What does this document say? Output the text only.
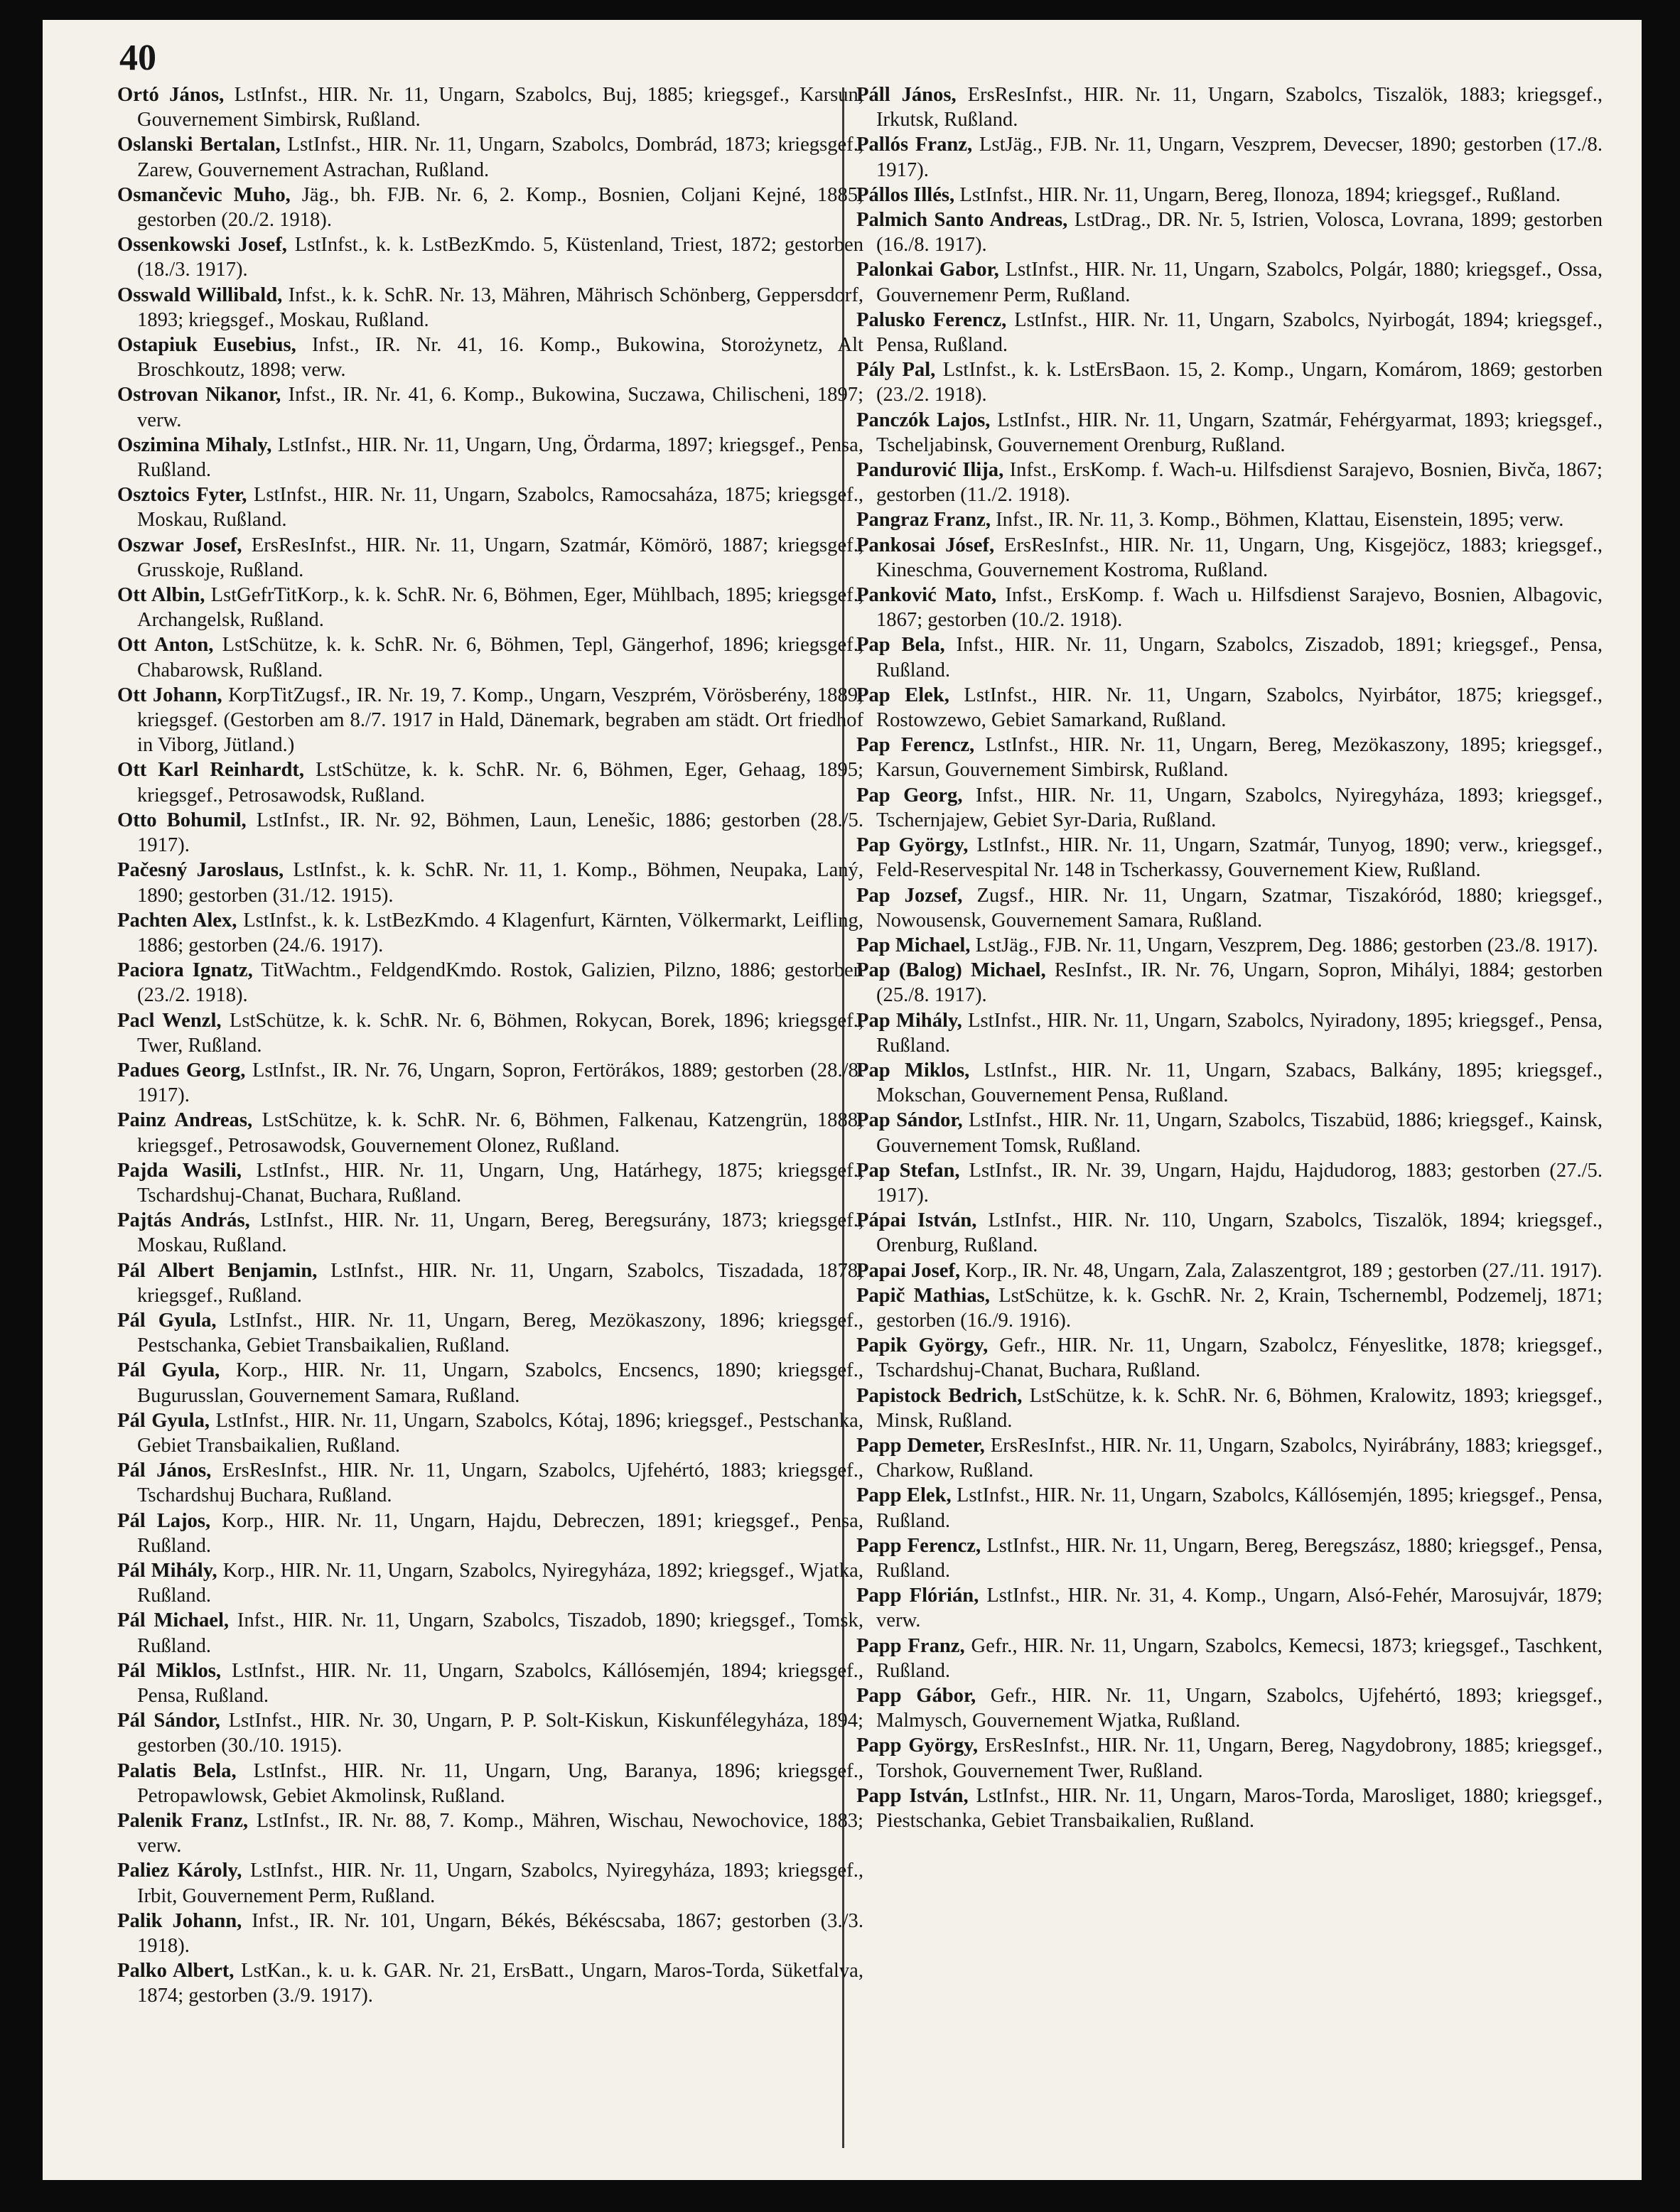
40

Ortó János, LstInfst., HIR. Nr. 11, Ungarn, Szabolcs, Buj, 1885; kriegsgef., Karsun, Gouvernement Simbirsk, Rußland.

Oslanski Bertalan, LstInfst., HIR. Nr. 11, Ungarn, Szabolcs, Dombrád, 1873; kriegsgef., Zarew, Gouvernement Astrachan, Rußland.

Osmančevic Muho, Jäg., bh. FJB. Nr. 6, 2. Komp., Bosnien, Coljani Kejné, 1885; gestorben (20./2. 1918).

Ossenkowski Josef, LstInfst., k. k. LstBezKmdo. 5, Küstenland, Triest, 1872; gestorben (18./3. 1917).

Osswald Willibald, Infst., k. k. SchR. Nr. 13, Mähren, Mährisch Schönberg, Geppersdorf, 1893; kriegsgef., Moskau, Rußland.

Ostapiuk Eusebius, Infst., IR. Nr. 41, 16. Komp., Bukowina, Storożynetz, Alt Broschkoutz, 1898; verw.

Ostrovan Nikanor, Infst., IR. Nr. 41, 6. Komp., Bukowina, Suczawa, Chilischeni, 1897; verw.

Oszimina Mihaly, LstInfst., HIR. Nr. 11, Ungarn, Ung, Ördarma, 1897; kriegsgef., Pensa, Rußland.

Osztoics Fyter, LstInfst., HIR. Nr. 11, Ungarn, Szabolcs, Ramocsaháza, 1875; kriegsgef., Moskau, Rußland.

Oszwar Josef, ErsResInfst., HIR. Nr. 11, Ungarn, Szatmár, Kömörö, 1887; kriegsgef., Grusskoje, Rußland.

Ott Albin, LstGefrTitKorp., k. k. SchR. Nr. 6, Böhmen, Eger, Mühlbach, 1895; kriegsgef., Archangelsk, Rußland.

Ott Anton, LstSchütze, k. k. SchR. Nr. 6, Böhmen, Tepl, Gängerhof, 1896; kriegsgef., Chabarowsk, Rußland.

Ott Johann, KorpTitZugsf., IR. Nr. 19, 7. Komp., Ungarn, Veszprém, Vörösberény, 1889; kriegsgef. (Gestorben am 8./7. 1917 in Hald, Dänemark, begraben am städt. Ort friedhof in Viborg, Jütland.)

Ott Karl Reinhardt, LstSchütze, k. k. SchR. Nr. 6, Böhmen, Eger, Gehaag, 1895; kriegsgef., Petrosawodsk, Rußland.

Otto Bohumil, LstInfst., IR. Nr. 92, Böhmen, Laun, Lenešic, 1886; gestorben (28./5. 1917).

Pačesný Jaroslaus, LstInfst., k. k. SchR. Nr. 11, 1. Komp., Böhmen, Neupaka, Laný, 1890; gestorben (31./12. 1915).

Pachten Alex, LstInfst., k. k. LstBezKmdo. 4 Klagenfurt, Kärnten, Völkermarkt, Leifling, 1886; gestorben (24./6. 1917).

Paciora Ignatz, TitWachtm., FeldgendKmdo. Rostok, Galizien, Pilzno, 1886; gestorben (23./2. 1918).

Pacl Wenzl, LstSchütze, k. k. SchR. Nr. 6, Böhmen, Rokycan, Borek, 1896; kriegsgef., Twer, Rußland.

Padues Georg, LstInfst., IR. Nr. 76, Ungarn, Sopron, Fertörákos, 1889; gestorben (28./8. 1917).

Painz Andreas, LstSchütze, k. k. SchR. Nr. 6, Böhmen, Falkenau, Katzengrün, 1888; kriegsgef., Petrosawodsk, Gouvernement Olonez, Rußland.

Pajda Wasili, LstInfst., HIR. Nr. 11, Ungarn, Ung, Határhegy, 1875; kriegsgef., Tschardshuj-Chanat, Buchara, Rußland.

Pajtás András, LstInfst., HIR. Nr. 11, Ungarn, Bereg, Beregsurány, 1873; kriegsgef., Moskau, Rußland.

Pál Albert Benjamin, LstInfst., HIR. Nr. 11, Ungarn, Szabolcs, Tiszadada, 1878; kriegsgef., Rußland.

Pál Gyula, LstInfst., HIR. Nr. 11, Ungarn, Bereg, Mezökaszony, 1896; kriegsgef., Pestschanka, Gebiet Transbaikalien, Rußland.

Pál Gyula, Korp., HIR. Nr. 11, Ungarn, Szabolcs, Encsencs, 1890; kriegsgef., Bugurusslan, Gouvernement Samara, Rußland.

Pál Gyula, LstInfst., HIR. Nr. 11, Ungarn, Szabolcs, Kótaj, 1896; kriegsgef., Pestschanka, Gebiet Transbaikalien, Rußland.

Pál János, ErsResInfst., HIR. Nr. 11, Ungarn, Szabolcs, Ujfehértó, 1883; kriegsgef., Tschardshuj Buchara, Rußland.

Pál Lajos, Korp., HIR. Nr. 11, Ungarn, Hajdu, Debreczen, 1891; kriegsgef., Pensa, Rußland.

Pál Mihály, Korp., HIR. Nr. 11, Ungarn, Szabolcs, Nyiregyháza, 1892; kriegsgef., Wjatka, Rußland.

Pál Michael, Infst., HIR. Nr. 11, Ungarn, Szabolcs, Tiszadob, 1890; kriegsgef., Tomsk, Rußland.

Pál Miklos, LstInfst., HIR. Nr. 11, Ungarn, Szabolcs, Kállósemjén, 1894; kriegsgef., Pensa, Rußland.

Pál Sándor, LstInfst., HIR. Nr. 30, Ungarn, P. P. Solt-Kiskun, Kiskunfélegyháza, 1894; gestorben (30./10. 1915).

Palatis Bela, LstInfst., HIR. Nr. 11, Ungarn, Ung, Baranya, 1896; kriegsgef., Petropawlowsk, Gebiet Akmolinsk, Rußland.

Palenik Franz, LstInfst., IR. Nr. 88, 7. Komp., Mähren, Wischau, Newochovice, 1883; verw.

Paliez Károly, LstInfst., HIR. Nr. 11, Ungarn, Szabolcs, Nyiregyháza, 1893; kriegsgef., Irbit, Gouvernement Perm, Rußland.

Palik Johann, Infst., IR. Nr. 101, Ungarn, Békés, Békéscsaba, 1867; gestorben (3./3. 1918).

Palko Albert, LstKan., k. u. k. GAR. Nr. 21, ErsBatt., Ungarn, Maros-Torda, Süketfalva, 1874; gestorben (3./9. 1917).

Páll János, ErsResInfst., HIR. Nr. 11, Ungarn, Szabolcs, Tiszalök, 1883; kriegsgef., Irkutsk, Rußland.

Pallós Franz, LstJäg., FJB. Nr. 11, Ungarn, Veszprem, Devecser, 1890; gestorben (17./8. 1917).

Pállos Illés, LstInfst., HIR. Nr. 11, Ungarn, Bereg, Ilonoza, 1894; kriegsgef., Rußland.

Palmich Santo Andreas, LstDrag., DR. Nr. 5, Istrien, Volosca, Lovrana, 1899; gestorben (16./8. 1917).

Palonkai Gabor, LstInfst., HIR. Nr. 11, Ungarn, Szabolcs, Polgár, 1880; kriegsgef., Ossa, Gouvernemenr Perm, Rußland.

Palusko Ferencz, LstInfst., HIR. Nr. 11, Ungarn, Szabolcs, Nyirbogát, 1894; kriegsgef., Pensa, Rußland.

Pály Pal, LstInfst., k. k. LstErsBaon. 15, 2. Komp., Ungarn, Komárom, 1869; gestorben (23./2. 1918).

Panczók Lajos, LstInfst., HIR. Nr. 11, Ungarn, Szatmár, Fehérgyarmat, 1893; kriegsgef., Tscheljabinsk, Gouvernement Orenburg, Rußland.

Pandurović Ilija, Infst., ErsKomp. f. Wach-u. Hilfsdienst Sarajevo, Bosnien, Bivča, 1867; gestorben (11./2. 1918).

Pangraz Franz, Infst., IR. Nr. 11, 3. Komp., Böhmen, Klattau, Eisenstein, 1895; verw.

Pankosai Jósef, ErsResInfst., HIR. Nr. 11, Ungarn, Ung, Kisgejöcz, 1883; kriegsgef., Kineschma, Gouvernement Kostroma, Rußland.

Panković Mato, Infst., ErsKomp. f. Wach u. Hilfsdienst Sarajevo, Bosnien, Albagovic, 1867; gestorben (10./2. 1918).

Pap Bela, Infst., HIR. Nr. 11, Ungarn, Szabolcs, Ziszadob, 1891; kriegsgef., Pensa, Rußland.

Pap Elek, LstInfst., HIR. Nr. 11, Ungarn, Szabolcs, Nyirbátor, 1875; kriegsgef., Rostowzewo, Gebiet Samarkand, Rußland.

Pap Ferencz, LstInfst., HIR. Nr. 11, Ungarn, Bereg, Mezökaszony, 1895; kriegsgef., Karsun, Gouvernement Simbirsk, Rußland.

Pap Georg, Infst., HIR. Nr. 11, Ungarn, Szabolcs, Nyiregyháza, 1893; kriegsgef., Tschernjajew, Gebiet Syr-Daria, Rußland.

Pap György, LstInfst., HIR. Nr. 11, Ungarn, Szatmár, Tunyog, 1890; verw., kriegsgef., Feld-Reservespital Nr. 148 in Tscherkassy, Gouvernement Kiew, Rußland.

Pap Jozsef, Zugsf., HIR. Nr. 11, Ungarn, Szatmar, Tiszakóród, 1880; kriegsgef., Nowousensk, Gouvernement Samara, Rußland.

Pap Michael, LstJäg., FJB. Nr. 11, Ungarn, Veszprem, Deg. 1886; gestorben (23./8. 1917).

Pap (Balog) Michael, ResInfst., IR. Nr. 76, Ungarn, Sopron, Mihályi, 1884; gestorben (25./8. 1917).

Pap Mihály, LstInfst., HIR. Nr. 11, Ungarn, Szabolcs, Nyiradony, 1895; kriegsgef., Pensa, Rußland.

Pap Miklos, LstInfst., HIR. Nr. 11, Ungarn, Szabacs, Balkány, 1895; kriegsgef., Mokschan, Gouvernement Pensa, Rußland.

Pap Sándor, LstInfst., HIR. Nr. 11, Ungarn, Szabolcs, Tiszabüd, 1886; kriegsgef., Kainsk, Gouvernement Tomsk, Rußland.

Pap Stefan, LstInfst., IR. Nr. 39, Ungarn, Hajdu, Hajdudorog, 1883; gestorben (27./5. 1917).

Pápai István, LstInfst., HIR. Nr. 110, Ungarn, Szabolcs, Tiszalök, 1894; kriegsgef., Orenburg, Rußland.

Papai Josef, Korp., IR. Nr. 48, Ungarn, Zala, Zalaszentgrot, 189 ; gestorben (27./11. 1917).

Papič Mathias, LstSchütze, k. k. GschR. Nr. 2, Krain, Tschernembl, Podzemelj, 1871; gestorben (16./9. 1916).

Papik György, Gefr., HIR. Nr. 11, Ungarn, Szabolcz, Fényeslitke, 1878; kriegsgef., Tschardshuj-Chanat, Buchara, Rußland.

Papistock Bedrich, LstSchütze, k. k. SchR. Nr. 6, Böhmen, Kralowitz, 1893; kriegsgef., Minsk, Rußland.

Papp Demeter, ErsResInfst., HIR. Nr. 11, Ungarn, Szabolcs, Nyirábrány, 1883; kriegsgef., Charkow, Rußland.

Papp Elek, LstInfst., HIR. Nr. 11, Ungarn, Szabolcs, Kállósemjén, 1895; kriegsgef., Pensa, Rußland.

Papp Ferencz, LstInfst., HIR. Nr. 11, Ungarn, Bereg, Beregszász, 1880; kriegsgef., Pensa, Rußland.

Papp Flórián, LstInfst., HIR. Nr. 31, 4. Komp., Ungarn, Alsó-Fehér, Marosujvár, 1879; verw.

Papp Franz, Gefr., HIR. Nr. 11, Ungarn, Szabolcs, Kemecsi, 1873; kriegsgef., Taschkent, Rußland.

Papp Gábor, Gefr., HIR. Nr. 11, Ungarn, Szabolcs, Ujfehértó, 1893; kriegsgef., Malmysch, Gouvernement Wjatka, Rußland.

Papp György, ErsResInfst., HIR. Nr. 11, Ungarn, Bereg, Nagydobrony, 1885; kriegsgef., Torshok, Gouvernement Twer, Rußland.

Papp István, LstInfst., HIR. Nr. 11, Ungarn, Maros-Torda, Marosliget, 1880; kriegsgef., Piestschanka, Gebiet Transbaikalien, Rußland.
